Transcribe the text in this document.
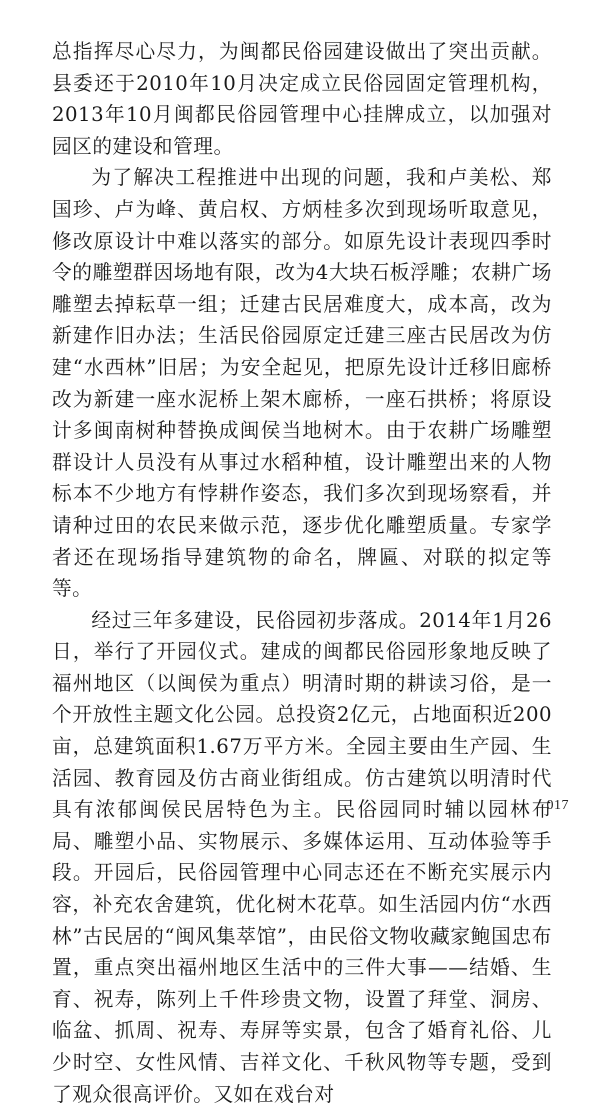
总指挥尽心尽力，为闽都民俗园建设做出了突出贡献。县委还于2010年10月决定成立民俗园固定管理机构，2013年10月闽都民俗园管理中心挂牌成立，以加强对园区的建设和管理。

为了解决工程推进中出现的问题，我和卢美松、郑国珍、卢为峰、黄启权、方炳桂多次到现场听取意见，修改原设计中难以落实的部分。如原先设计表现四季时令的雕塑群因场地有限，改为4大块石板浮雕；农耕广场雕塑去掉耘草一组；迁建古民居难度大，成本高，改为新建作旧办法；生活民俗园原定迁建三座古民居改为仿建“水西林”旧居；为安全起见，把原先设计迁移旧廊桥改为新建一座水泥桥上架木廊桥，一座石拱桥；将原设计多闽南树种替换成闽侯当地树木。由于农耕广场雕塑群设计人员没有从事过水稻种植，设计雕塑出来的人物标本不少地方有悖耕作姿态，我们多次到现场察看，并请种过田的农民来做示范，逐步优化雕塑质量。专家学者还在现场指导建筑物的命名，牌匾、对联的拟定等等。

经过三年多建设，民俗园初步落成。2014年1月26日，举行了开园仪式。建成的闽都民俗园形象地反映了福州地区（以闽侯为重点）明清时期的耕读习俗，是一个开放性主题文化公园。总投资2亿元，占地面积近200亩，总建筑面积1.67万平方米。全园主要由生产园、生活园、教育园及仿古商业街组成。仿古建筑以明清时代具有浓郁闽侯民居特色为主。民俗园同时辅以园林布局、雕塑小品、实物展示、多媒体运用、互动体验等手段。开园后，民俗园管理中心同志还在不断充实展示内容，补充农舍建筑，优化树木花草。如生活园内仿“水西林”古民居的“闽风集萃馆”，由民俗文物收藏家鲍国忠布置，重点突出福州地区生活中的三件大事——结婚、生育、祝寿，陈列上千件珍贵文物，设置了拜堂、洞房、临盆、抓周、祝寿、寿屏等实景，包含了婚育礼俗、儿少时空、女性风情、吉祥文化、千秋风物等专题，受到了观众很高评价。又如在戏台对

017
